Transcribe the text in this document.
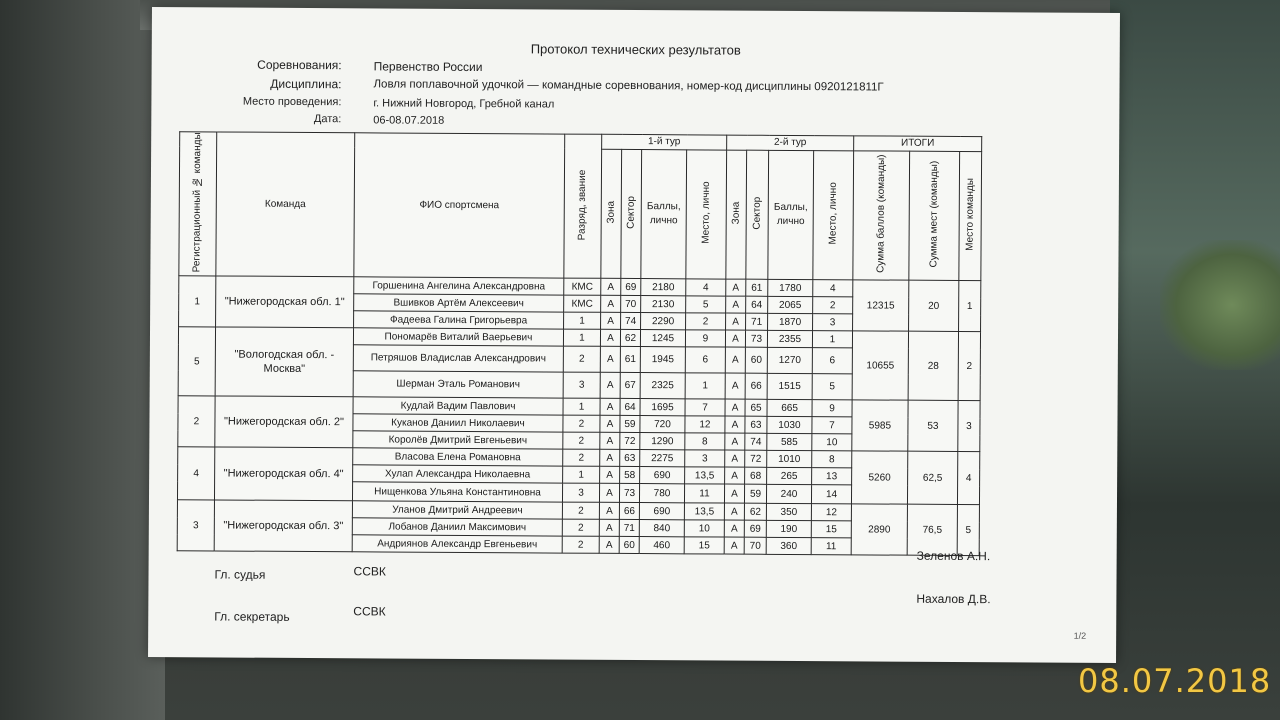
Протокол технических результатов
Соревнования:	Первенство России
Дисциплина:	Ловля поплавочной удочкой — командные соревнования, номер-код дисциплины 0920121811Г
Место проведения:	г. Нижний Новгород, Гребной канал
Дата:	06-08.07.2018
Регистрационный № команды	Команда	ФИО спортсмена	Разряд, звание	1-й тур				2-й тур				ИТОГИ		
				Зона	Сектор	Баллы, лично	Место, лично	Зона	Сектор	Баллы, лично	Место, лично	Сумма баллов (команды)	Сумма мест (команды)	Место команды
1	"Нижегородская обл. 1"	Горшенина Ангелина Александровна	КМС	А	69	2180	4	А	61	1780	4	12315	20	1
		Вшивков Артём Алексеевич	КМС	А	70	2130	5	А	64	2065	2			
		Фадеева Галина Григорьевра	1	А	74	2290	2	А	71	1870	3			
5	"Вологодская обл. - Москва"	Пономарёв Виталий Ваерьевич	1	А	62	1245	9	А	73	2355	1	10655	28	2
		Петряшов Владислав Александрович	2	А	61	1945	6	А	60	1270	6			
		Шерман Эталь Романович	3	А	67	2325	1	А	66	1515	5			
2	"Нижегородская обл. 2"	Кудлай Вадим Павлович	1	А	64	1695	7	А	65	665	9	5985	53	3
		Куканов Даниил Николаевич	2	А	59	720	12	А	63	1030	7			
		Королёв Дмитрий Евгеньевич	2	А	72	1290	8	А	74	585	10			
4	"Нижегородская обл. 4"	Власова Елена Романовна	2	А	63	2275	3	А	72	1010	8	5260	62,5	4
		Хулап Александра Николаевна	1	А	58	690	13,5	А	68	265	13			
		Нищенкова Ульяна Константиновна	3	А	73	780	11	А	59	240	14			
3	"Нижегородская обл. 3"	Уланов Дмитрий Андреевич	2	А	66	690	13,5	А	62	350	12	2890	76,5	5
		Лобанов Даниил Максимович	2	А	71	840	10	А	69	190	15			
		Андриянов Александр Евгеньевич	2	А	60	460	15	А	70	360	11			
Гл. судья	ССВК
Зеленов А.Н.
Гл. секретарь	ССВК
Нахалов Д.В.
1/2
08.07.2018
